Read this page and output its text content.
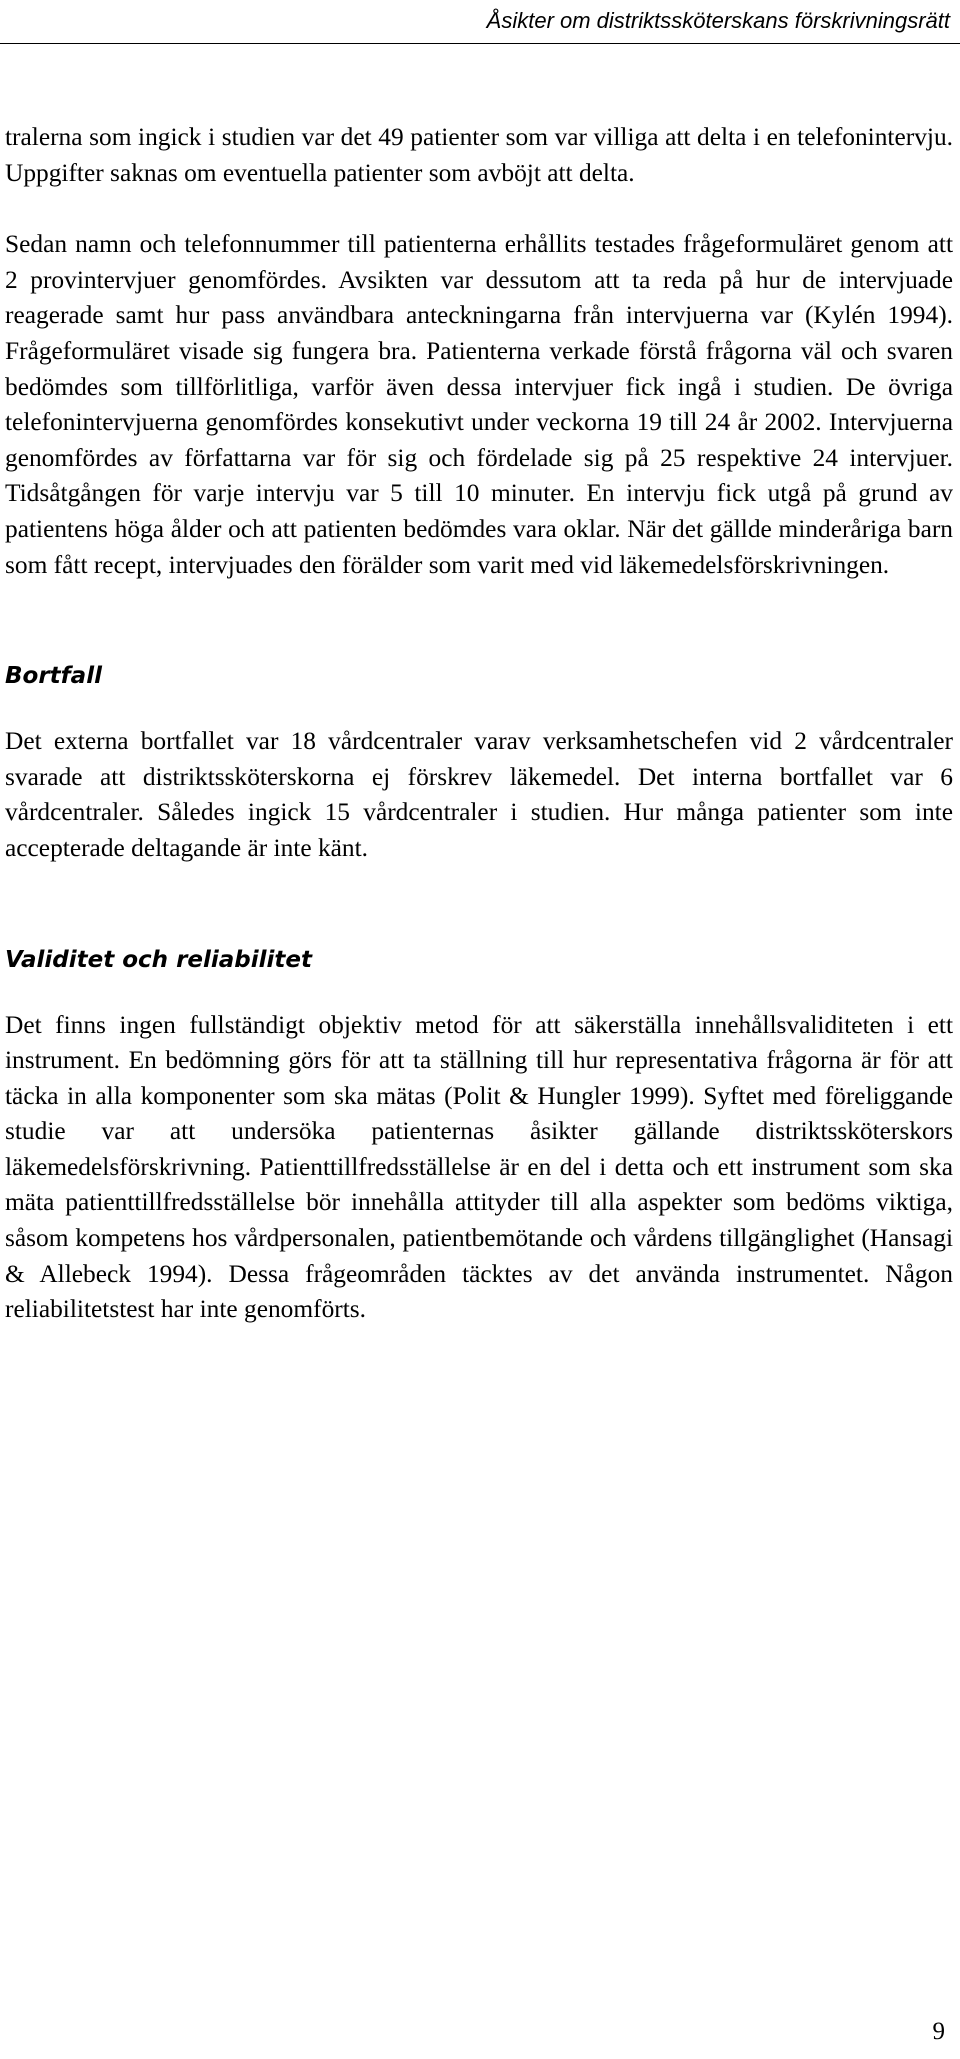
Åsikter om distriktssköterskans förskrivningsrätt

tralerna som ingick i studien var det 49 patienter som var villiga att delta i en telefonintervju. Uppgifter saknas om eventuella patienter som avböjt att delta.

Sedan namn och telefonnummer till patienterna erhållits testades frågeformuläret genom att 2 provintervjuer genomfördes. Avsikten var dessutom att ta reda på hur de intervjuade reagerade samt hur pass användbara anteckningarna från intervjuerna var (Kylén 1994). Frågeformuläret visade sig fungera bra. Patienterna verkade förstå frågorna väl och svaren bedömdes som tillförlitliga, varför även dessa intervjuer fick ingå i studien. De övriga telefonintervjuerna genomfördes konsekutivt under veckorna 19 till 24 år 2002. Intervjuerna genomfördes av författarna var för sig och fördelade sig på 25 respektive 24 intervjuer. Tidsåtgången för varje intervju var 5 till 10 minuter. En intervju fick utgå på grund av patientens höga ålder och att patienten bedömdes vara oklar. När det gällde minderåriga barn som fått recept, intervjuades den förälder som varit med vid läkemedelsförskrivningen.

Bortfall

Det externa bortfallet var 18 vårdcentraler varav verksamhetschefen vid 2 vårdcentraler svarade att distriktssköterskorna ej förskrev läkemedel. Det interna bortfallet var 6 vårdcentraler. Således ingick 15 vårdcentraler i studien. Hur många patienter som inte accepterade deltagande är inte känt.

Validitet och reliabilitet

Det finns ingen fullständigt objektiv metod för att säkerställa innehållsvaliditeten i ett instrument. En bedömning görs för att ta ställning till hur representativa frågorna är för att täcka in alla komponenter som ska mätas (Polit & Hungler 1999). Syftet med föreliggande studie var att undersöka patienternas åsikter gällande distriktssköterskors läkemedelsförskrivning. Patienttillfredsställelse är en del i detta och ett instrument som ska mäta patienttillfredsställelse bör innehålla attityder till alla aspekter som bedöms viktiga, såsom kompetens hos vårdpersonalen, patientbemötande och vårdens tillgänglighet (Hansagi & Allebeck 1994). Dessa frågeområden täcktes av det använda instrumentet. Någon reliabilitetstest har inte genomförts.

9
